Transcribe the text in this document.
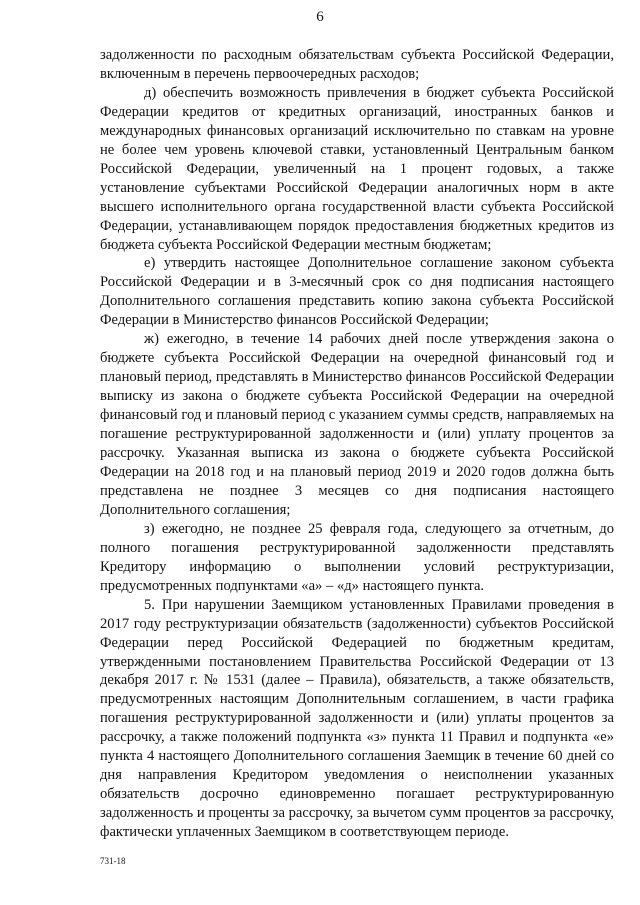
6

задолженности по расходным обязательствам субъекта Российской Федерации, включенным в перечень первоочередных расходов;

д) обеспечить возможность привлечения в бюджет субъекта Российской Федерации кредитов от кредитных организаций, иностранных банков и международных финансовых организаций исключительно по ставкам на уровне не более чем уровень ключевой ставки, установленный Центральным банком Российской Федерации, увеличенный на 1 процент годовых, а также установление субъектами Российской Федерации аналогичных норм в акте высшего исполнительного органа государственной власти субъекта Российской Федерации, устанавливающем порядок предоставления бюджетных кредитов из бюджета субъекта Российской Федерации местным бюджетам;

е) утвердить настоящее Дополнительное соглашение законом субъекта Российской Федерации и в 3-месячный срок со дня подписания настоящего Дополнительного соглашения представить копию закона субъекта Российской Федерации в Министерство финансов Российской Федерации;

ж) ежегодно, в течение 14 рабочих дней после утверждения закона о бюджете субъекта Российской Федерации на очередной финансовый год и плановый период, представлять в Министерство финансов Российской Федерации выписку из закона о бюджете субъекта Российской Федерации на очередной финансовый год и плановый период с указанием суммы средств, направляемых на погашение реструктурированной задолженности и (или) уплату процентов за рассрочку. Указанная выписка из закона о бюджете субъекта Российской Федерации на 2018 год и на плановый период 2019 и 2020 годов должна быть представлена не позднее 3 месяцев со дня подписания настоящего Дополнительного соглашения;

з) ежегодно, не позднее 25 февраля года, следующего за отчетным, до полного погашения реструктурированной задолженности представлять Кредитору информацию о выполнении условий реструктуризации, предусмотренных подпунктами «а» – «д» настоящего пункта.

5. При нарушении Заемщиком установленных Правилами проведения в 2017 году реструктуризации обязательств (задолженности) субъектов Российской Федерации перед Российской Федерацией по бюджетным кредитам, утвержденными постановлением Правительства Российской Федерации от 13 декабря 2017 г. № 1531 (далее – Правила), обязательств, а также обязательств, предусмотренных настоящим Дополнительным соглашением, в части графика погашения реструктурированной задолженности и (или) уплаты процентов за рассрочку, а также положений подпункта «з» пункта 11 Правил и подпункта «е» пункта 4 настоящего Дополнительного соглашения Заемщик в течение 60 дней со дня направления Кредитором уведомления о неисполнении указанных обязательств досрочно единовременно погашает реструктурированную задолженность и проценты за рассрочку, за вычетом сумм процентов за рассрочку, фактически уплаченных Заемщиком в соответствующем периоде.

731-18
